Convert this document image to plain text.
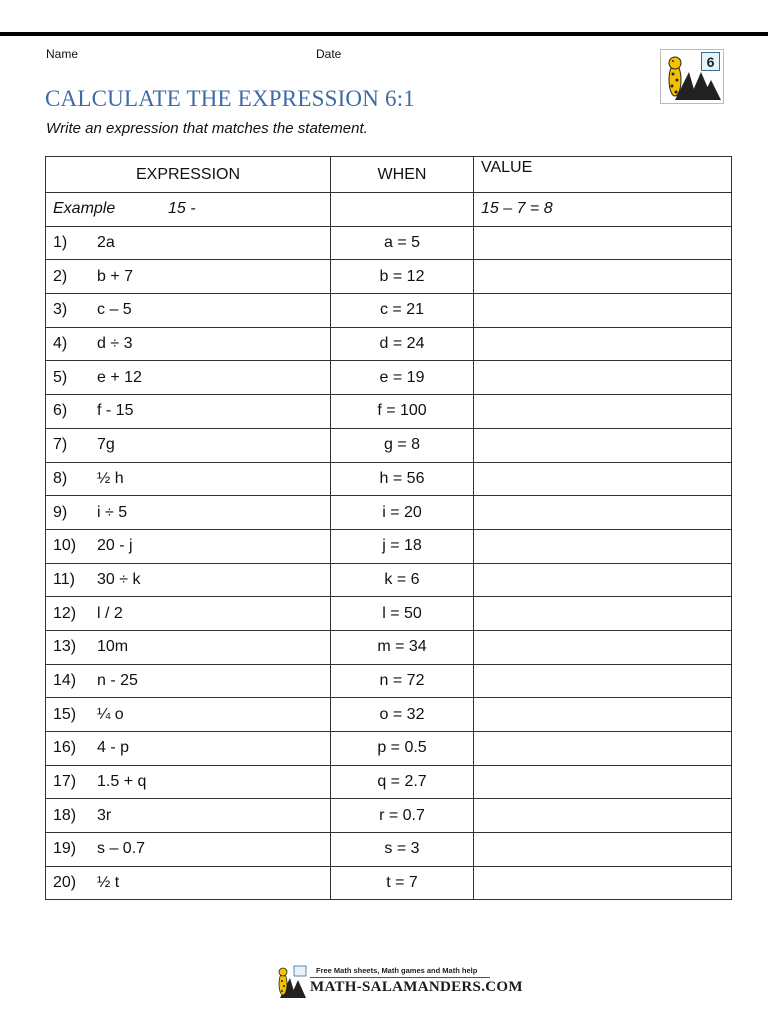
Name	Date
CALCULATE THE EXPRESSION 6:1
Write an expression that matches the statement.
6
EXPRESSION	WHEN	VALUE
Example 15 -		15 – 7 = 8
1) 2a	a = 5	
2) b + 7	b = 12	
3) c – 5	c = 21	
4) d ÷ 3	d = 24	
5) e + 12	e = 19	
6) f - 15	f = 100	
7) 7g	g = 8	
8) ½ h	h = 56	
9) i ÷ 5	i = 20	
10) 20 - j	j = 18	
11) 30 ÷ k	k = 6	
12) l / 2	l = 50	
13) 10m	m = 34	
14) n - 25	n = 72	
15) ¼ o	o = 32	
16) 4 - p	p = 0.5	
17) 1.5 + q	q = 2.7	
18) 3r	r = 0.7	
19) s – 0.7	s = 3	
20) ½ t	t = 7	
Free Math sheets, Math games and Math help
MATH-SALAMANDERS.COM
